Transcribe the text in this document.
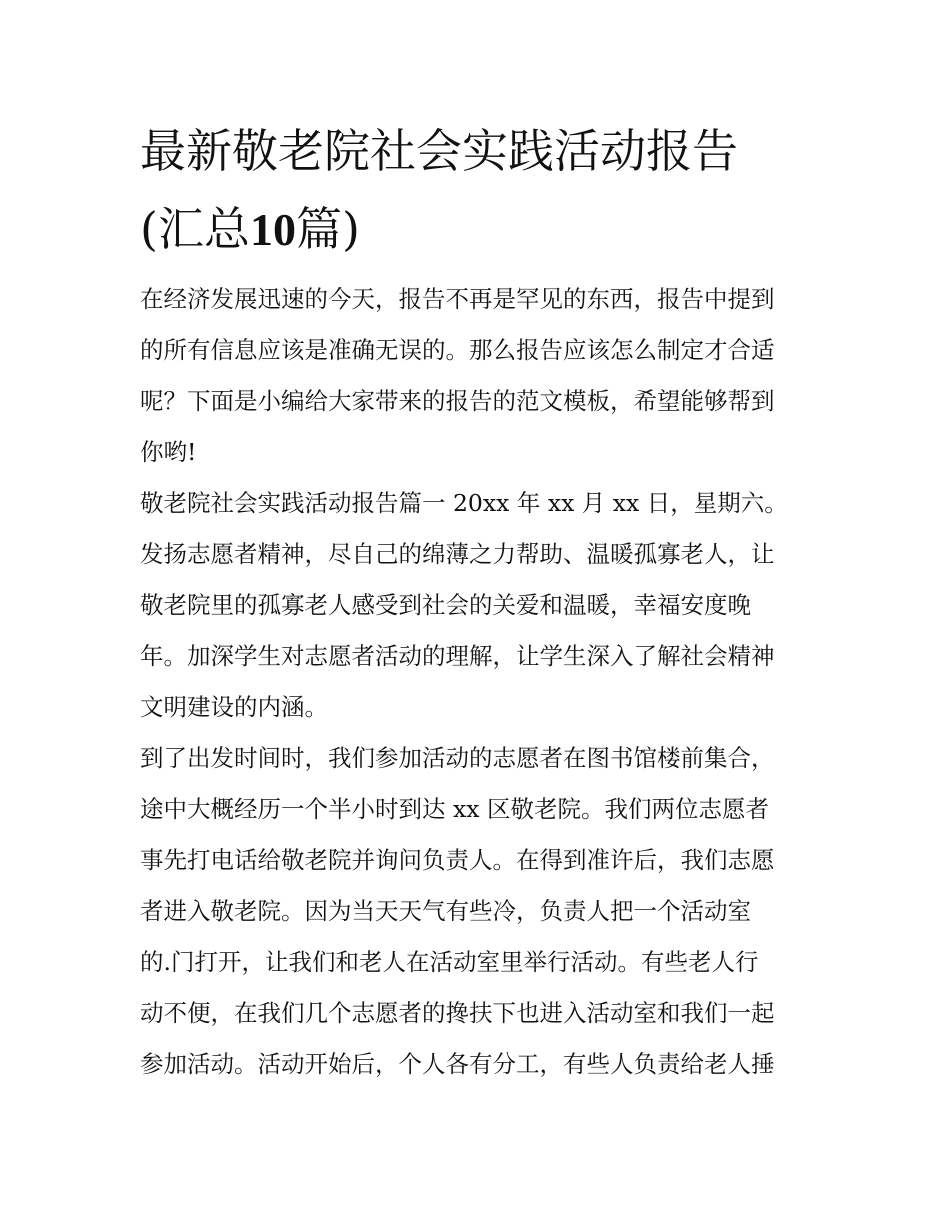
最新敬老院社会实践活动报告
(汇总10篇)
在经济发展迅速的今天，报告不再是罕见的东西，报告中提到
的所有信息应该是准确无误的。那么报告应该怎么制定才合适
呢？下面是小编给大家带来的报告的范文模板，希望能够帮到
你哟!
敬老院社会实践活动报告篇一 20xx 年 xx 月 xx 日，星期六。
发扬志愿者精神，尽自己的绵薄之力帮助、温暖孤寡老人，让
敬老院里的孤寡老人感受到社会的关爱和温暖，幸福安度晚
年。加深学生对志愿者活动的理解，让学生深入了解社会精神
文明建设的内涵。
到了出发时间时，我们参加活动的志愿者在图书馆楼前集合，
途中大概经历一个半小时到达 xx 区敬老院。我们两位志愿者
事先打电话给敬老院并询问负责人。在得到准许后，我们志愿
者进入敬老院。因为当天天气有些冷，负责人把一个活动室
的.门打开，让我们和老人在活动室里举行活动。有些老人行
动不便，在我们几个志愿者的搀扶下也进入活动室和我们一起
参加活动。活动开始后，个人各有分工，有些人负责给老人捶
